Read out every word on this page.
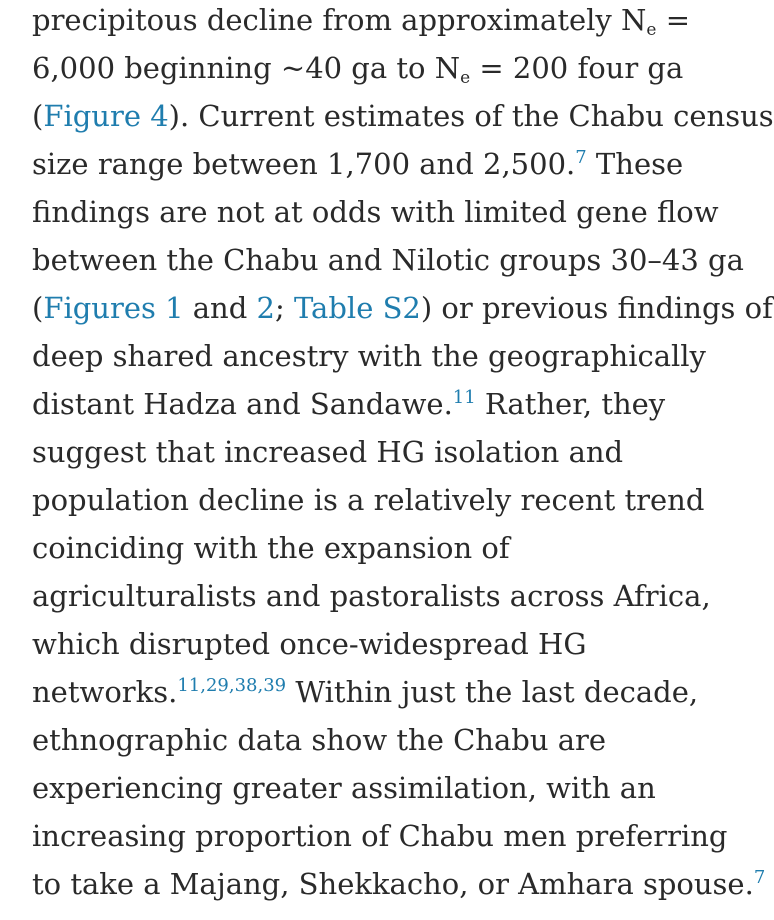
precipitous decline from approximately $N_e$ =
6,000 beginning ~40 ga to $N_e = 200$ four ga
(Figure 4). Current estimates of the Chabu census
size range between 1,700 and 2,500.$^7$ These
findings are not at odds with limited gene flow
between the Chabu and Nilotic groups 30–43 ga
(Figures 1 and 2; Table S2) or previous findings of
deep shared ancestry with the geographically
distant Hadza and Sandawe.$^{11}$ Rather, they
suggest that increased HG isolation and
population decline is a relatively recent trend
coinciding with the expansion of
agriculturalists and pastoralists across Africa,
which disrupted once-widespread HG
networks.$^{11,29,38,39}$ Within just the last decade,
ethnographic data show the Chabu are
experiencing greater assimilation, with an
increasing proportion of Chabu men preferring
to take a Majang, Shekkacho, or Amhara spouse.$^7$
